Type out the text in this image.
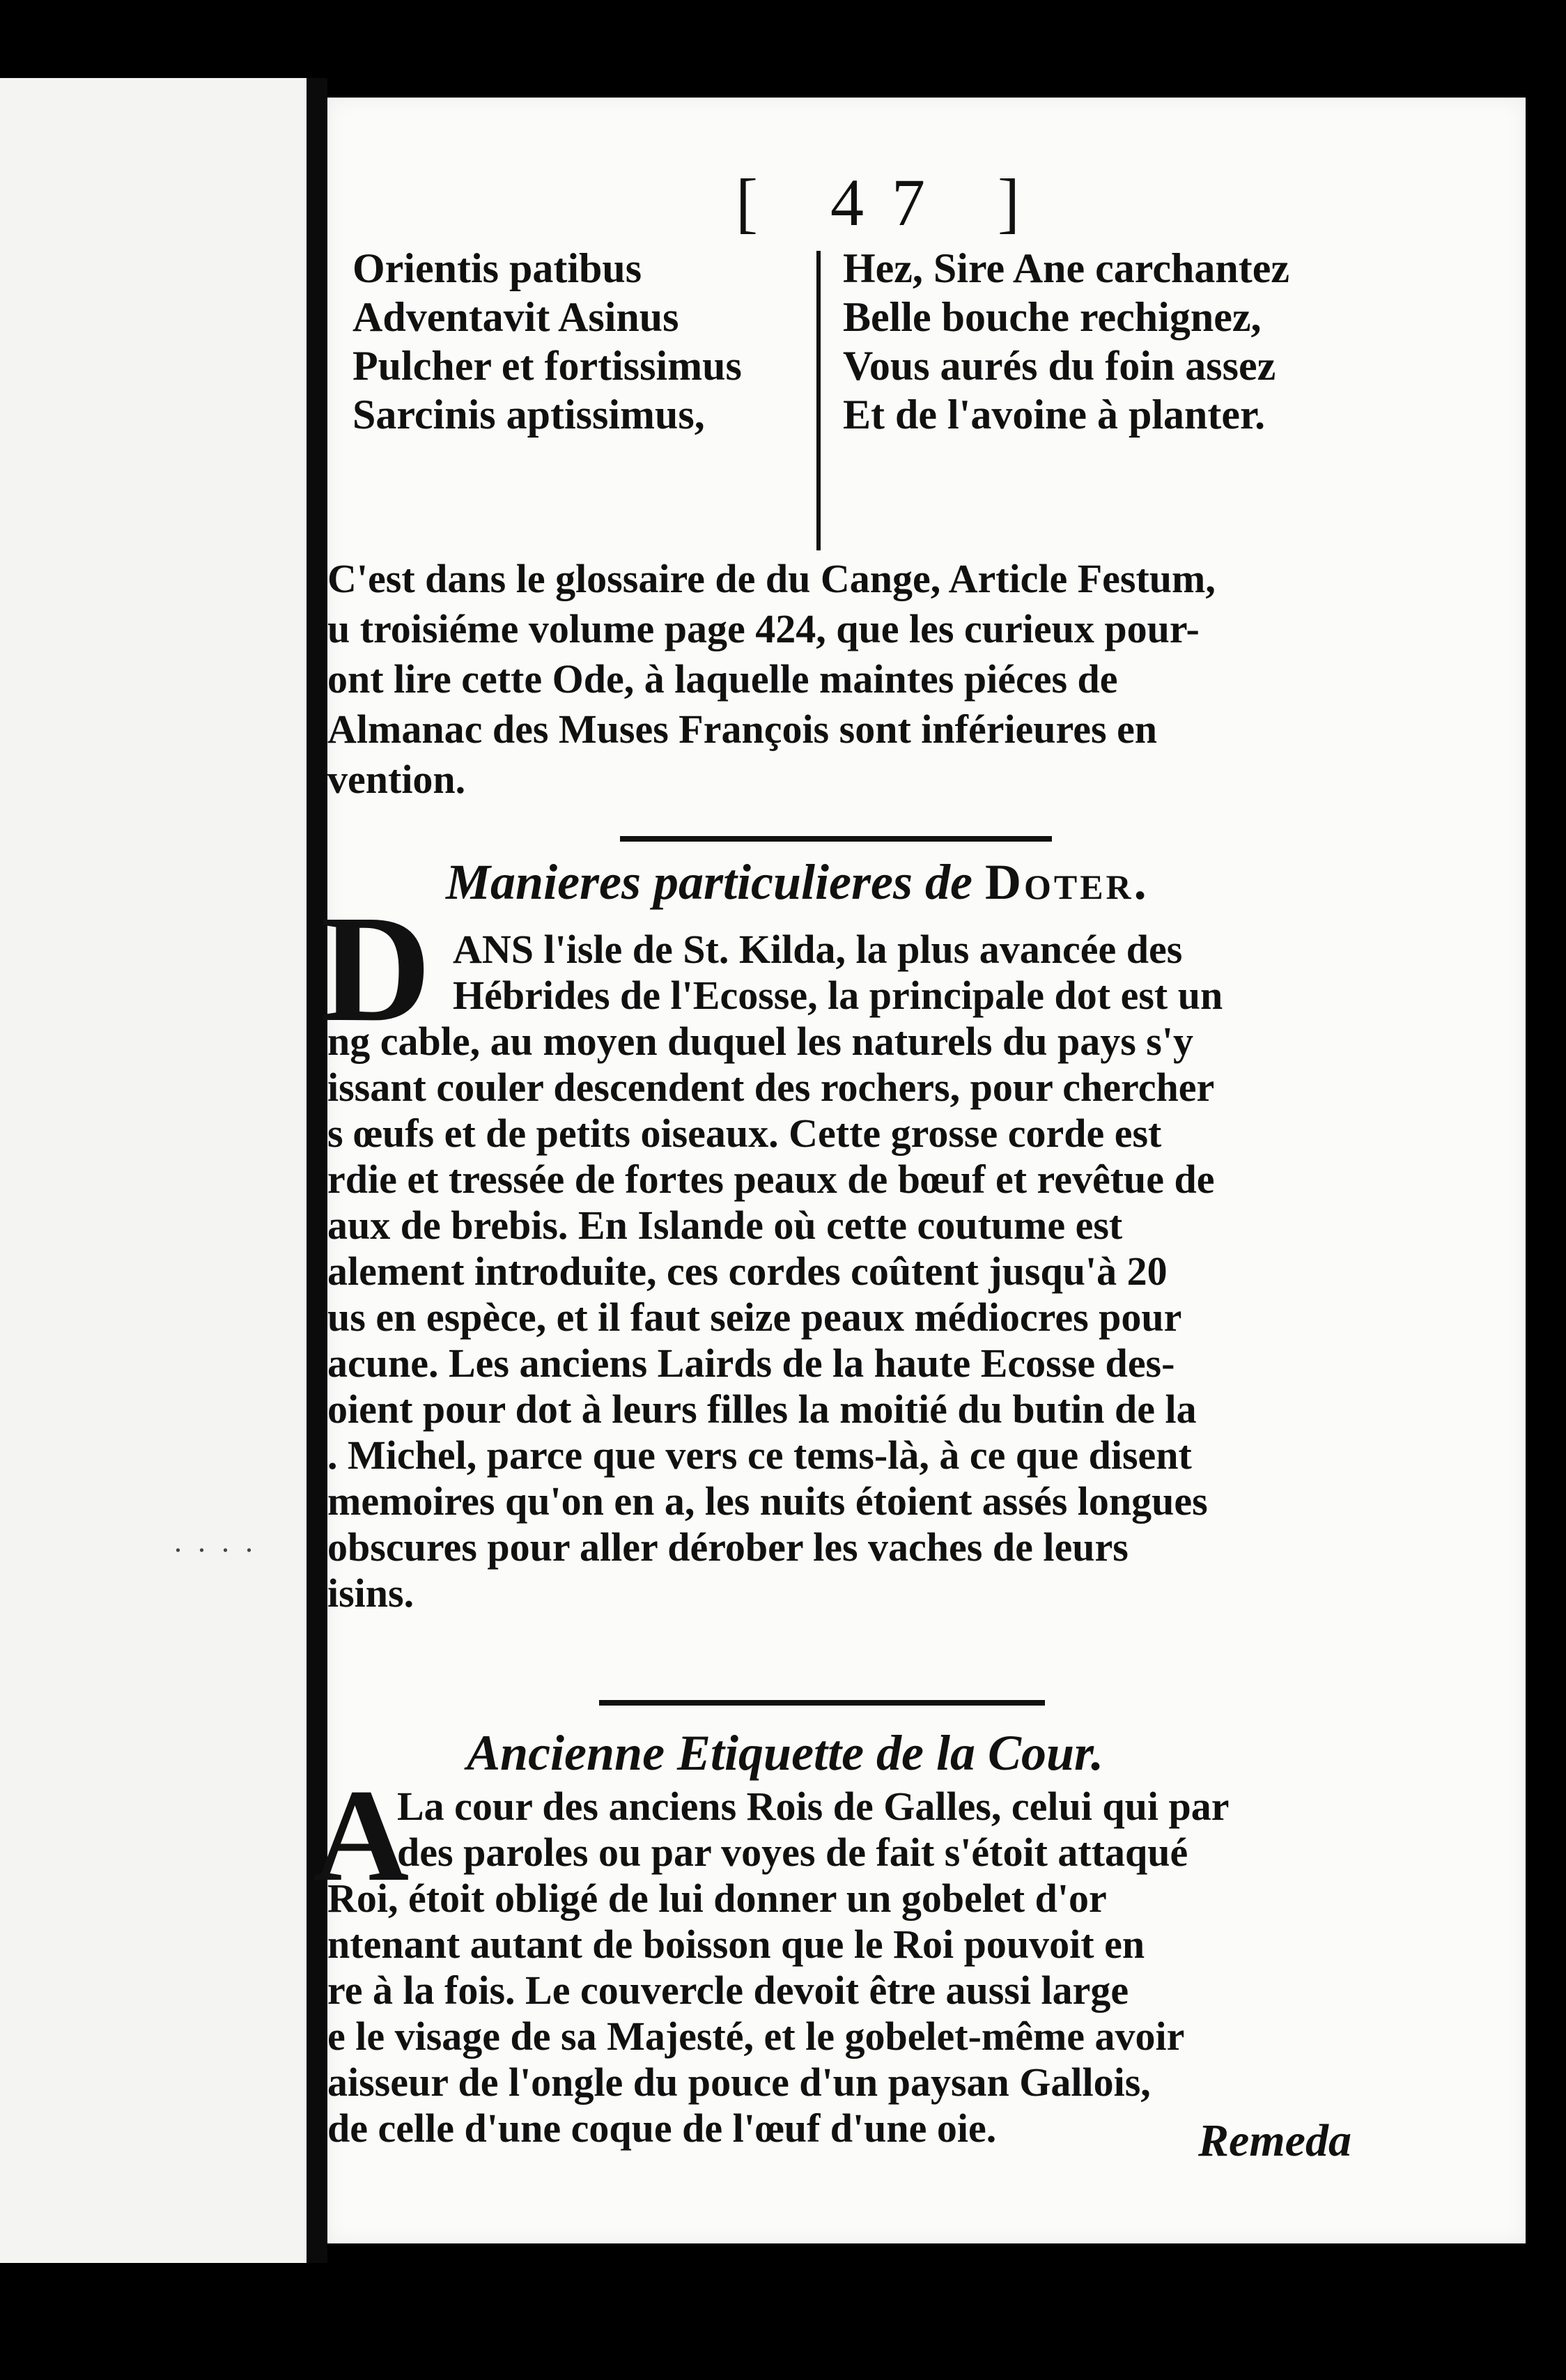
. . . .
[ 47 ]
Orientis patibus
Adventavit Asinus
Pulcher et fortissimus
Sarcinis aptissimus,
Hez, Sire Ane carchantez
Belle bouche rechignez,
Vous aurés du foin assez
Et de l'avoine à planter.
C'est dans le glossaire de du Cange, Article Festum,
u troisiéme volume page 424, que les curieux pour-
ont lire cette Ode, à laquelle maintes piéces de
Almanac des Muses François sont inférieures en
vention.
Manieres particulieres de Doter.
D ANS l'isle de St. Kilda, la plus avancée des
Hébrides de l'Ecosse, la principale dot est un
ng cable, au moyen duquel les naturels du pays s'y
issant couler descendent des rochers, pour chercher
s œufs et de petits oiseaux. Cette grosse corde est
rdie et tressée de fortes peaux de bœuf et revêtue de
aux de brebis. En Islande où cette coutume est
alement introduite, ces cordes coûtent jusqu'à 20
us en espèce, et il faut seize peaux médiocres pour
acune. Les anciens Lairds de la haute Ecosse des-
oient pour dot à leurs filles la moitié du butin de la
. Michel, parce que vers ce tems-là, à ce que disent
memoires qu'on en a, les nuits étoient assés longues
obscures pour aller dérober les vaches de leurs
isins.
Ancienne Etiquette de la Cour.
A
La cour des anciens Rois de Galles, celui qui par
des paroles ou par voyes de fait s'étoit attaqué
Roi, étoit obligé de lui donner un gobelet d'or
ntenant autant de boisson que le Roi pouvoit en
re à la fois. Le couvercle devoit être aussi large
e le visage de sa Majesté, et le gobelet-même avoir
aisseur de l'ongle du pouce d'un paysan Gallois,
de celle d'une coque de l'œuf d'une oie.	Remeda
